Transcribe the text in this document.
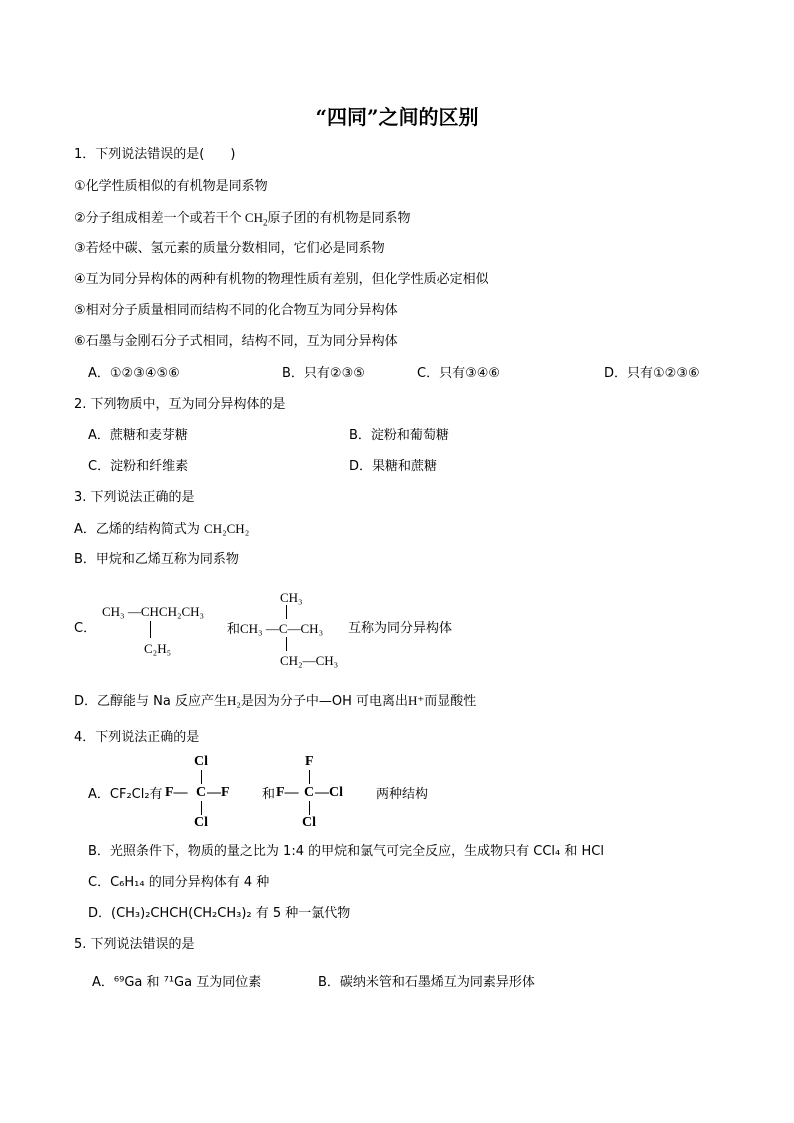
“四同”之间的区别
1．下列说法错误的是(　　)
①化学性质相似的有机物是同系物
②分子组成相差一个或若干个 $CH_2$原子团的有机物是同系物
③若烃中碳、氢元素的质量分数相同，它们必是同系物
④互为同分异构体的两种有机物的物理性质有差别，但化学性质必定相似
⑤相对分子质量相同而结构不同的化合物互为同分异构体
⑥石墨与金刚石分子式相同，结构不同，互为同分异构体
A．①②③④⑤⑥	B．只有②③⑤	C．只有③④⑥	D．只有①②③⑥
2. 下列物质中，互为同分异构体的是
A．蔗糖和麦芽糖	B．淀粉和葡萄糖
C．淀粉和纤维素	D．果糖和蔗糖
3. 下列说法正确的是
A．乙烯的结构简式为 CH₂CH₂
B．甲烷和乙烯互称为同系物
C．
CH₃ —CHCH₂CH₃
C₂H₅
CH₃
和CH₃ —C—CH₃
CH₂—CH₃
互称为同分异构体
D．乙醇能与 Na 反应产生H₂是因为分子中—OH 可电离出H⁺而显酸性
4．下列说法正确的是
A．CF₂Cl₂有
Cl
F— C —F
Cl
和
F
F— C —Cl
Cl
两种结构
B．光照条件下，物质的量之比为 1:4 的甲烷和氯气可完全反应，生成物只有 CCl₄ 和 HCl
C．C₆H₁₄ 的同分异构体有 4 种
D．(CH₃)₂CHCH(CH₂CH₃)₂ 有 5 种一氯代物
5. 下列说法错误的是
A．⁶⁹Ga 和 ⁷¹Ga 互为同位素	B．碳纳米管和石墨烯互为同素异形体
